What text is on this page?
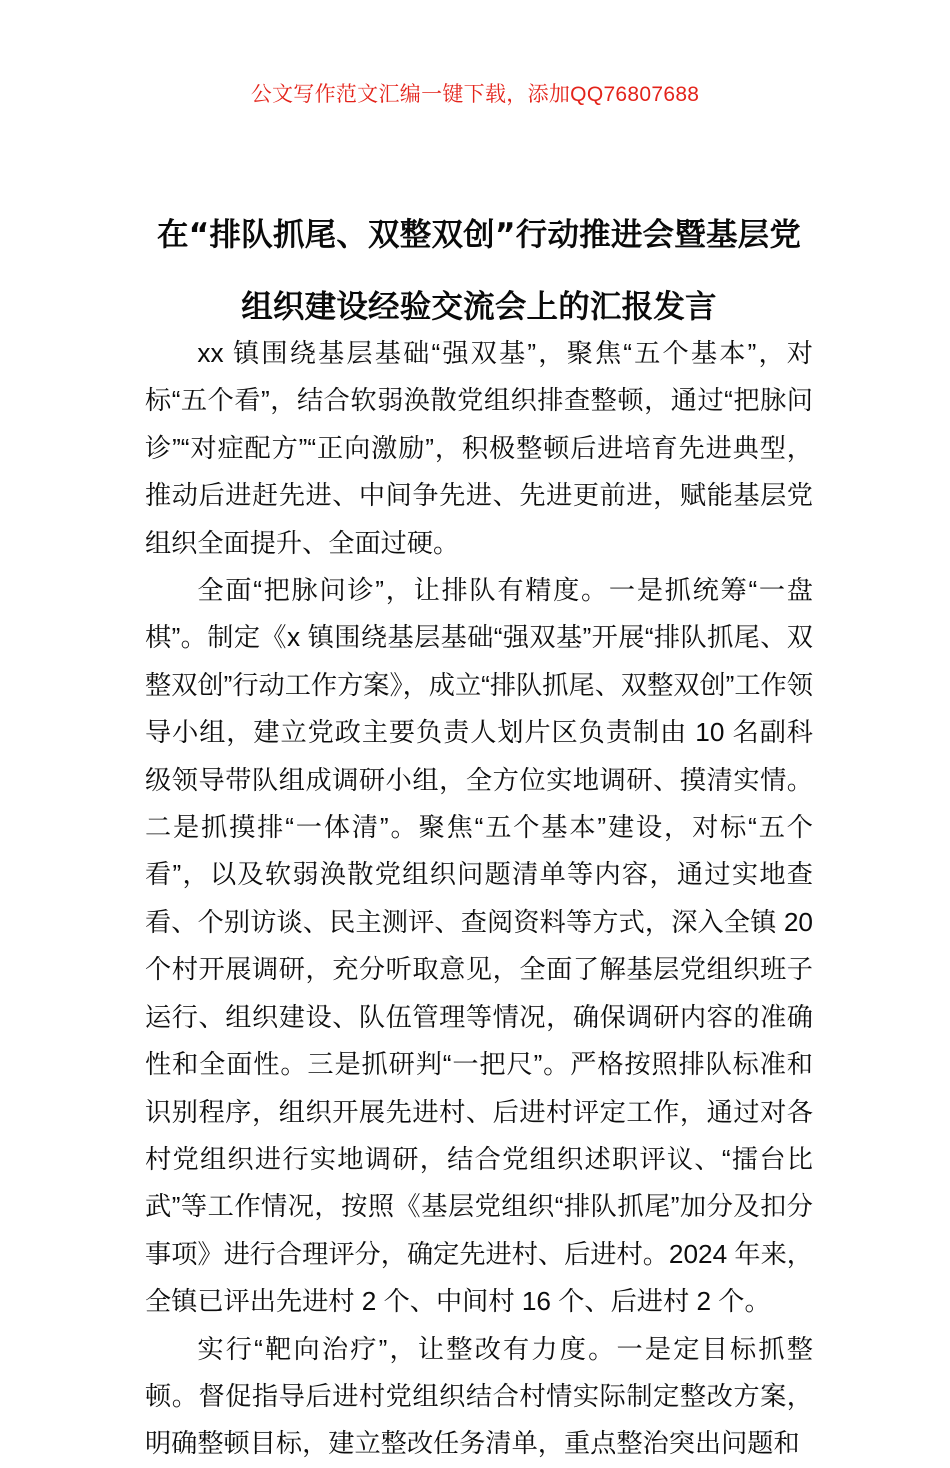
公文写作范文汇编一键下载，添加QQ76807688
在“排队抓尾、双整双创”行动推进会暨基层党组织建设经验交流会上的汇报发言

xx 镇围绕基层基础“强双基”，聚焦“五个基本”，对标“五个看”，结合软弱涣散党组织排查整顿，通过“把脉问诊”“对症配方”“正向激励”，积极整顿后进培育先进典型，推动后进赶先进、中间争先进、先进更前进，赋能基层党组织全面提升、全面过硬。

全面“把脉问诊”，让排队有精度。一是抓统筹“一盘棋”。制定《x 镇围绕基层基础“强双基”开展“排队抓尾、双整双创”行动工作方案》，成立“排队抓尾、双整双创”工作领导小组，建立党政主要负责人划片区负责制由 10 名副科级领导带队组成调研小组，全方位实地调研、摸清实情。二是抓摸排“一体清”。聚焦“五个基本”建设，对标“五个看”，以及软弱涣散党组织问题清单等内容，通过实地查看、个别访谈、民主测评、查阅资料等方式，深入全镇 20 个村开展调研，充分听取意见，全面了解基层党组织班子运行、组织建设、队伍管理等情况，确保调研内容的准确性和全面性。三是抓研判“一把尺”。严格按照排队标准和识别程序，组织开展先进村、后进村评定工作，通过对各村党组织进行实地调研，结合党组织述职评议、“擂台比武”等工作情况，按照《基层党组织“排队抓尾”加分及扣分事项》进行合理评分，确定先进村、后进村。2024 年来，全镇已评出先进村 2 个、中间村 16 个、后进村 2 个。

实行“靶向治疗”，让整改有力度。一是定目标抓整顿。督促指导后进村党组织结合村情实际制定整改方案，明确整顿目标，建立整改任务清单，重点整治突出问题和
